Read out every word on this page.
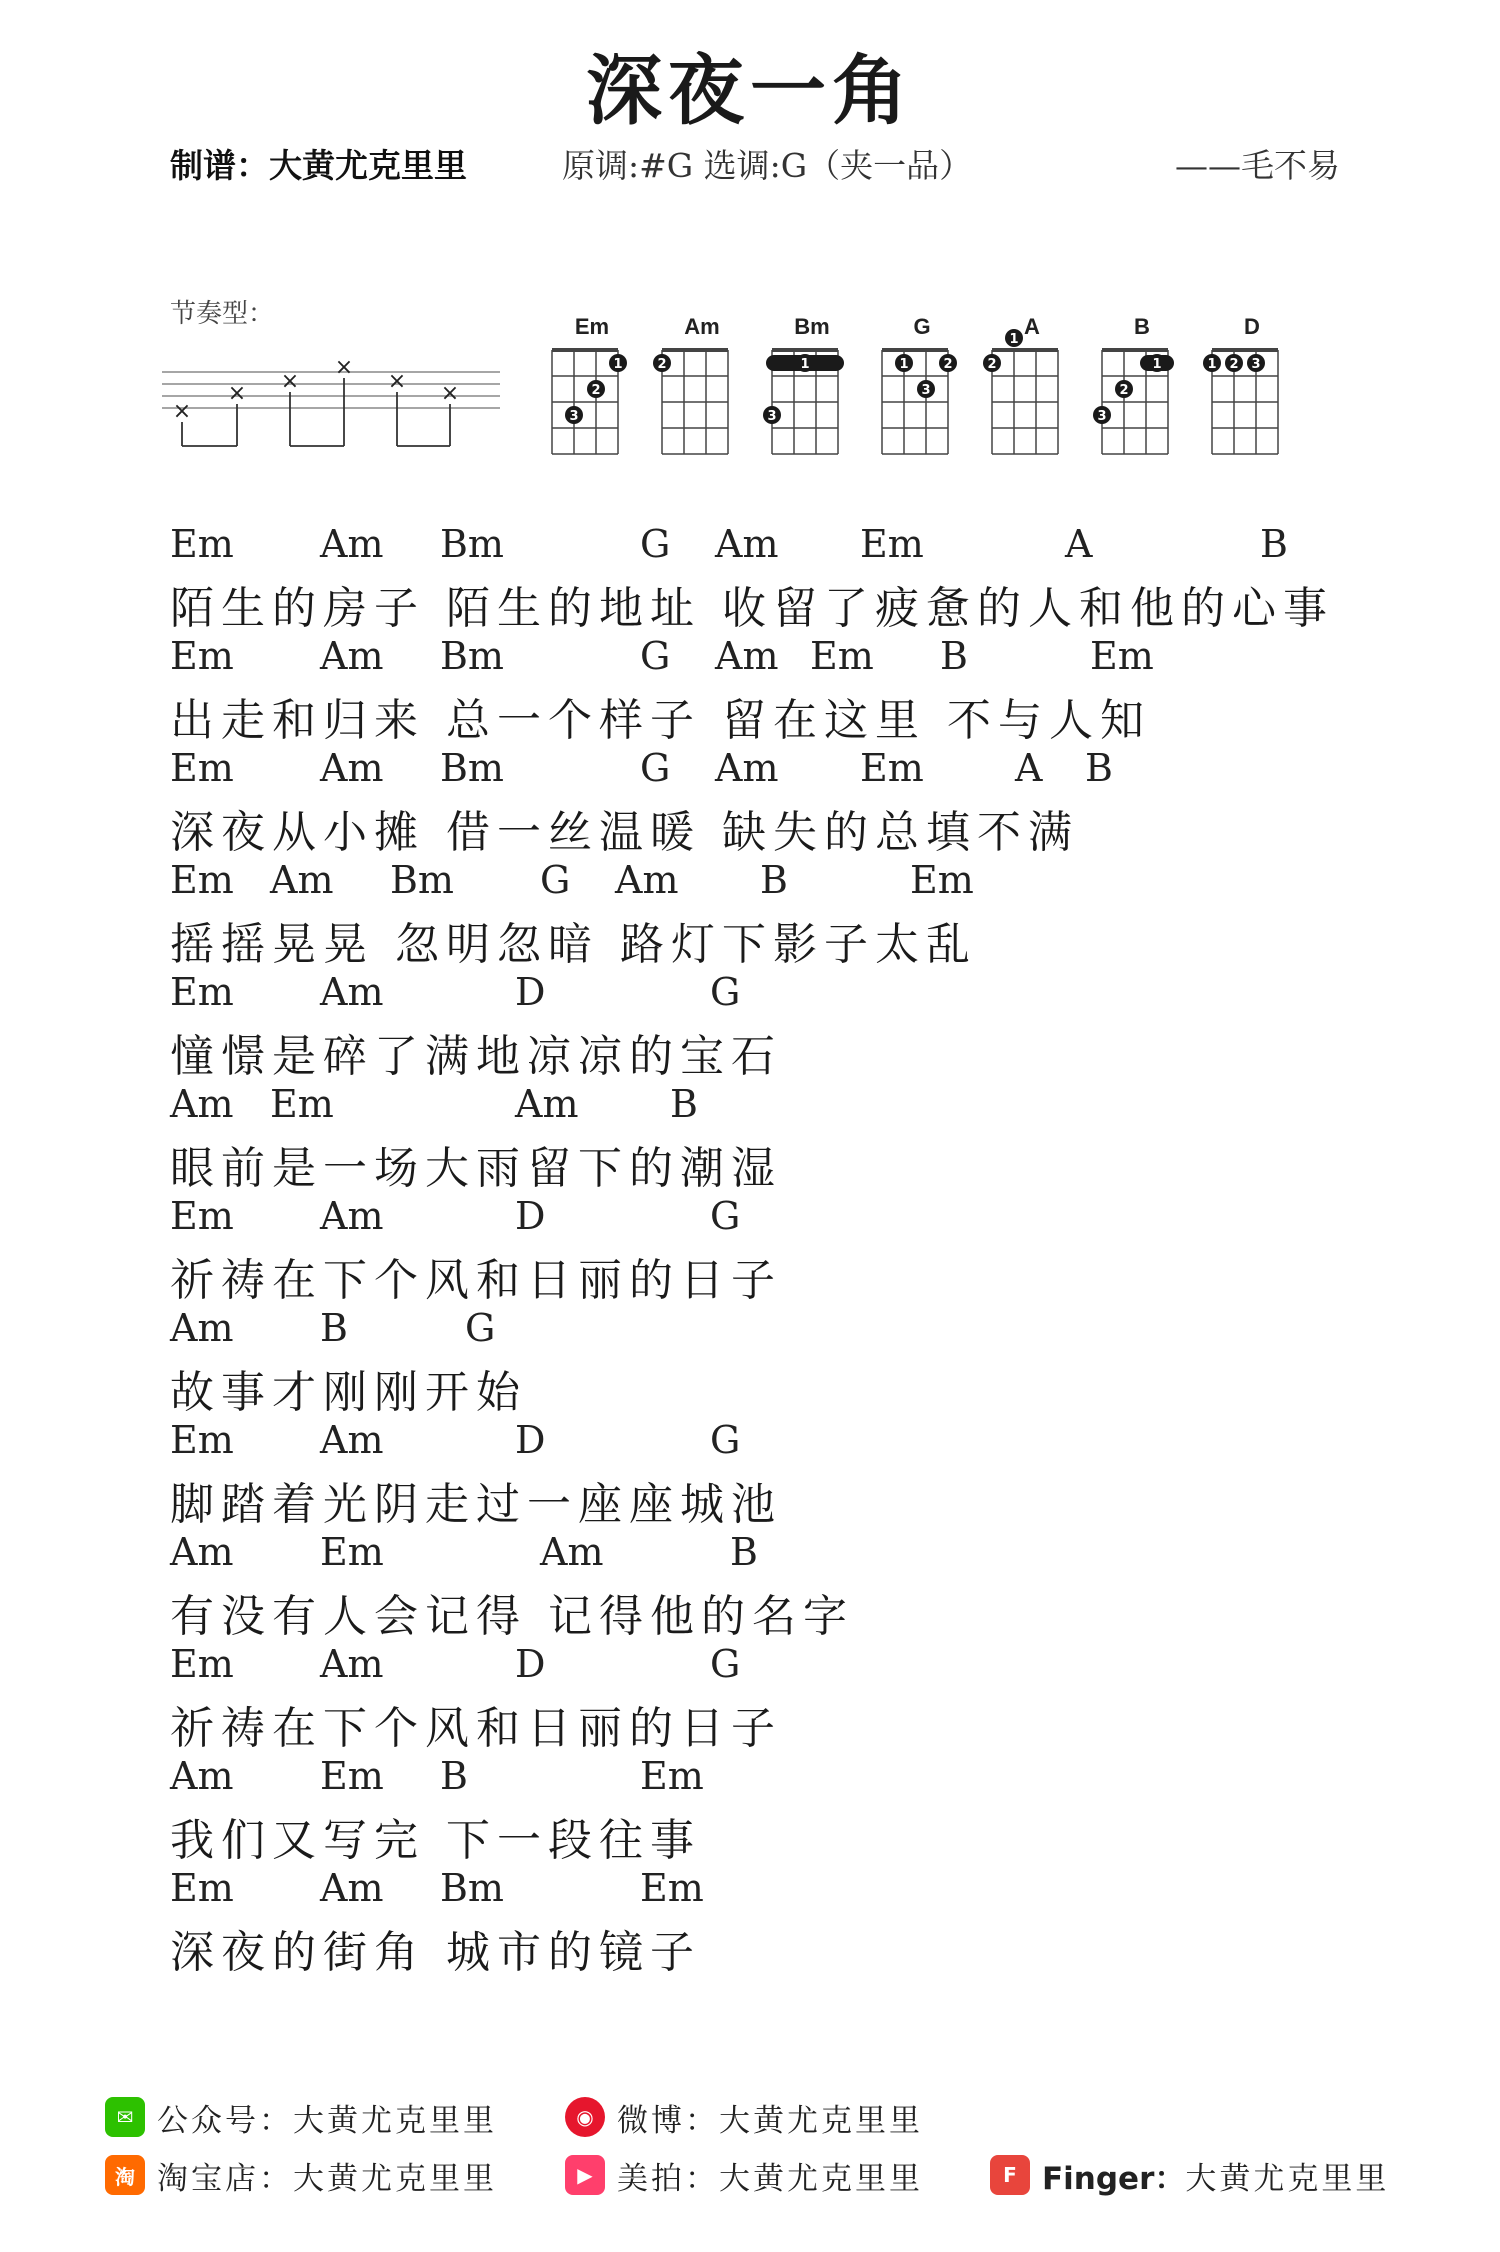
深夜一角
制谱：大黄尤克里里	原调:#G 选调:G（夹一品）	——毛不易
节奏型：
×
× ×
×
× ×
Em
3
2
1
Am
2
Bm
1
3
G
1
3
2
A
2
1
B
1
3
2
D
1 2 3
Em Am Bm	G Am Em	A	B
陌生的房子 陌生的地址 收留了疲惫的人和他的心事
Em Am Bm	G Am Em B	Em
出走和归来 总一个样子 留在这里 不与人知
Em Am Bm	G Am Em A B
深夜从小摊 借一丝温暖 缺失的总填不满
Em Am Bm G Am B	Em
摇摇晃晃 忽明忽暗 路灯下影子太乱
Em Am	D	G
憧憬是碎了满地凉凉的宝石
Am Em	Am B
眼前是一场大雨留下的潮湿
Em Am	D	G
祈祷在下个风和日丽的日子
Am B	G
故事才刚刚开始
Em Am	D	G
脚踏着光阴走过一座座城池
Am Em	Am	B
有没有人会记得 记得他的名字
Em Am	D	G
祈祷在下个风和日丽的日子
Am Em B	Em
我们又写完 下一段往事
Em Am Bm	Em
深夜的街角 城市的镜子
✉ 公众号： 大黄尤克里里	◉ 微博： 大黄尤克里里
淘 淘宝店： 大黄尤克里里	▶ 美拍： 大黄尤克里里	F Finger： 大黄尤克里里
